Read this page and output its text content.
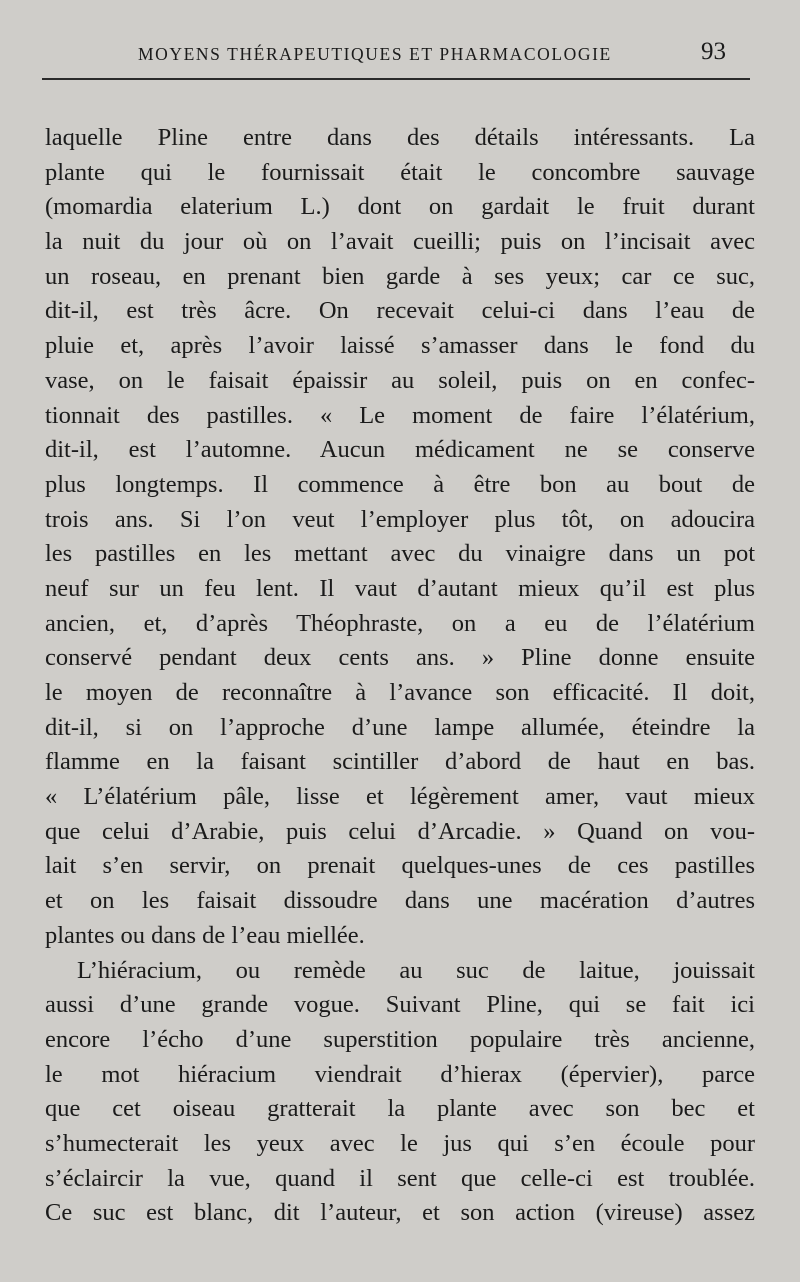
MOYENS THÉRAPEUTIQUES ET PHARMACOLOGIE	93
laquelle Pline entre dans des détails intéressants. La
plante qui le fournissait était le concombre sauvage
(momardia elaterium L.) dont on gardait le fruit durant
la nuit du jour où on l’avait cueilli; puis on l’incisait avec
un roseau, en prenant bien garde à ses yeux; car ce suc,
dit-il, est très âcre. On recevait celui-ci dans l’eau de
pluie et, après l’avoir laissé s’amasser dans le fond du
vase, on le faisait épaissir au soleil, puis on en confec-
tionnait des pastilles. « Le moment de faire l’élatérium,
dit-il, est l’automne. Aucun médicament ne se conserve
plus longtemps. Il commence à être bon au bout de
trois ans. Si l’on veut l’employer plus tôt, on adoucira
les pastilles en les mettant avec du vinaigre dans un pot
neuf sur un feu lent. Il vaut d’autant mieux qu’il est plus
ancien, et, d’après Théophraste, on a eu de l’élatérium
conservé pendant deux cents ans. » Pline donne ensuite
le moyen de reconnaître à l’avance son efficacité. Il doit,
dit-il, si on l’approche d’une lampe allumée, éteindre la
flamme en la faisant scintiller d’abord de haut en bas.
« L’élatérium pâle, lisse et légèrement amer, vaut mieux
que celui d’Arabie, puis celui d’Arcadie. » Quand on vou-
lait s’en servir, on prenait quelques-unes de ces pastilles
et on les faisait dissoudre dans une macération d’autres
plantes ou dans de l’eau miellée.
L’hiéracium, ou remède au suc de laitue, jouissait
aussi d’une grande vogue. Suivant Pline, qui se fait ici
encore l’écho d’une superstition populaire très ancienne,
le mot hiéracium viendrait d’hierax (épervier), parce
que cet oiseau gratterait la plante avec son bec et
s’humecterait les yeux avec le jus qui s’en écoule pour
s’éclaircir la vue, quand il sent que celle-ci est troublée.
Ce suc est blanc, dit l’auteur, et son action (vireuse) assez
